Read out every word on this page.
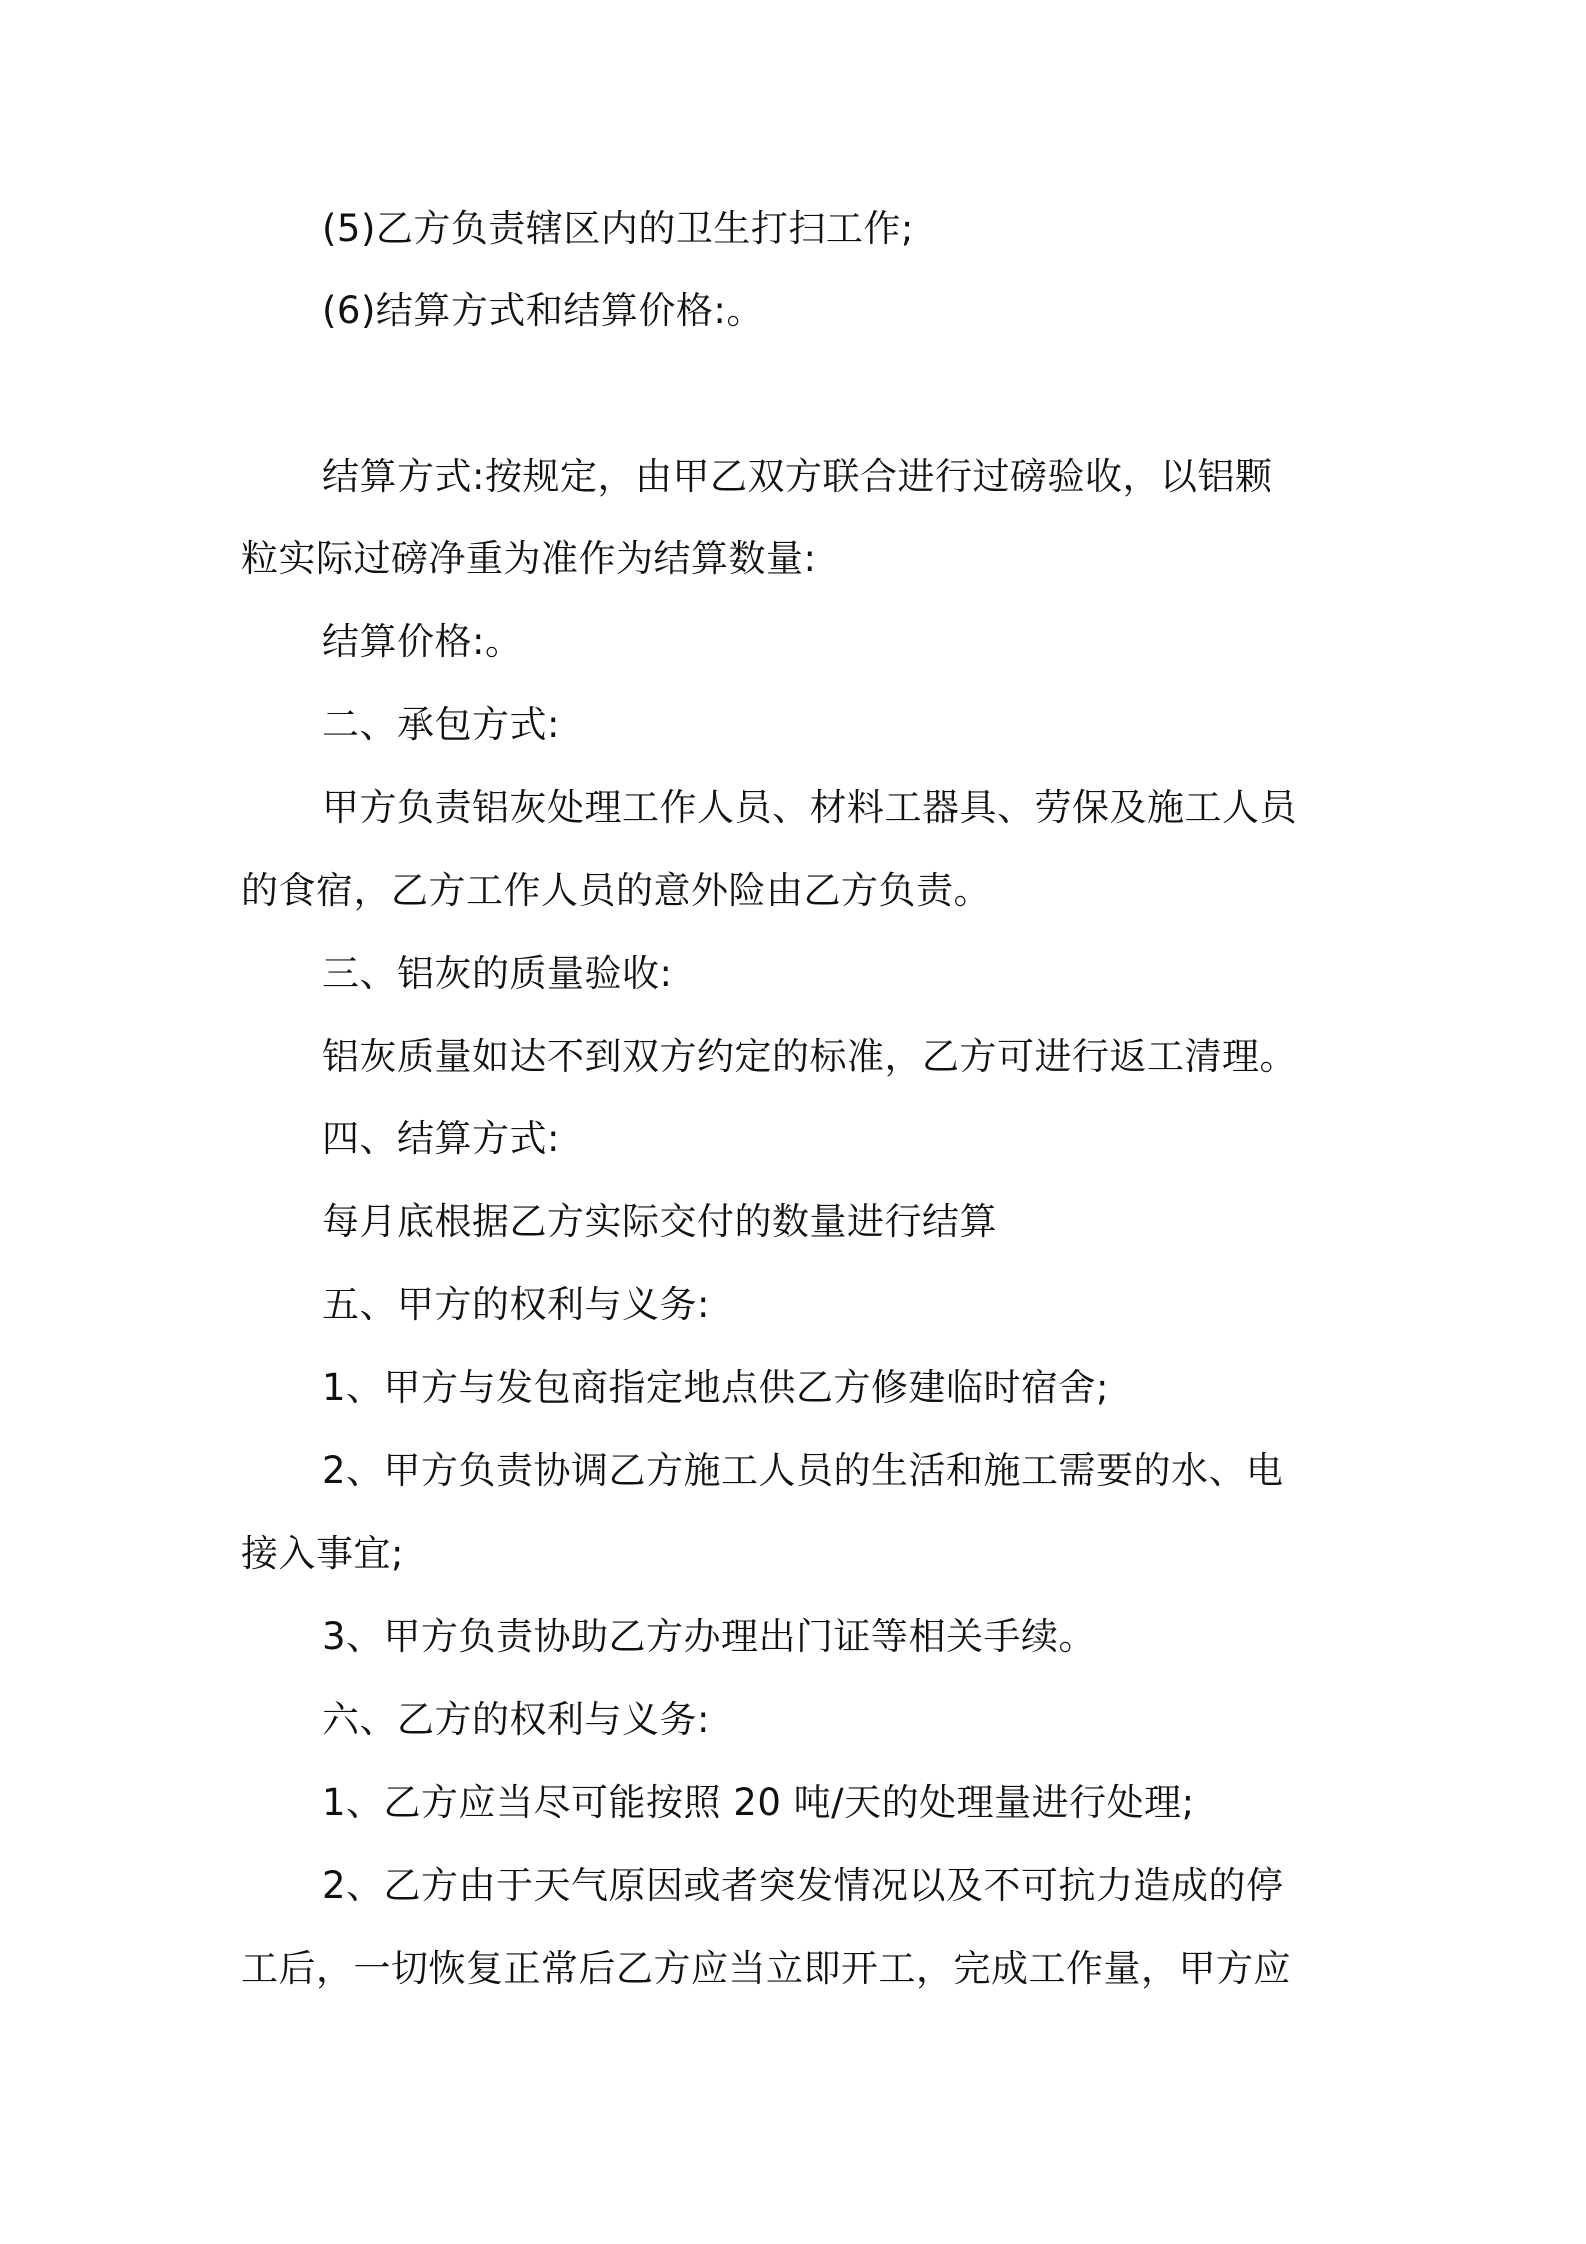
(5)乙方负责辖区内的卫生打扫工作;
(6)结算方式和结算价格:。
结算方式:按规定，由甲乙双方联合进行过磅验收，以铝颗
粒实际过磅净重为准作为结算数量:
结算价格:。
二、承包方式:
甲方负责铝灰处理工作人员、材料工器具、劳保及施工人员
的食宿，乙方工作人员的意外险由乙方负责。
三、铝灰的质量验收:
铝灰质量如达不到双方约定的标准，乙方可进行返工清理。
四、结算方式:
每月底根据乙方实际交付的数量进行结算
五、甲方的权利与义务:
1、甲方与发包商指定地点供乙方修建临时宿舍;
2、甲方负责协调乙方施工人员的生活和施工需要的水、电
接入事宜;
3、甲方负责协助乙方办理出门证等相关手续。
六、乙方的权利与义务:
1、乙方应当尽可能按照 20 吨/天的处理量进行处理;
2、乙方由于天气原因或者突发情况以及不可抗力造成的停
工后，一切恢复正常后乙方应当立即开工，完成工作量，甲方应
